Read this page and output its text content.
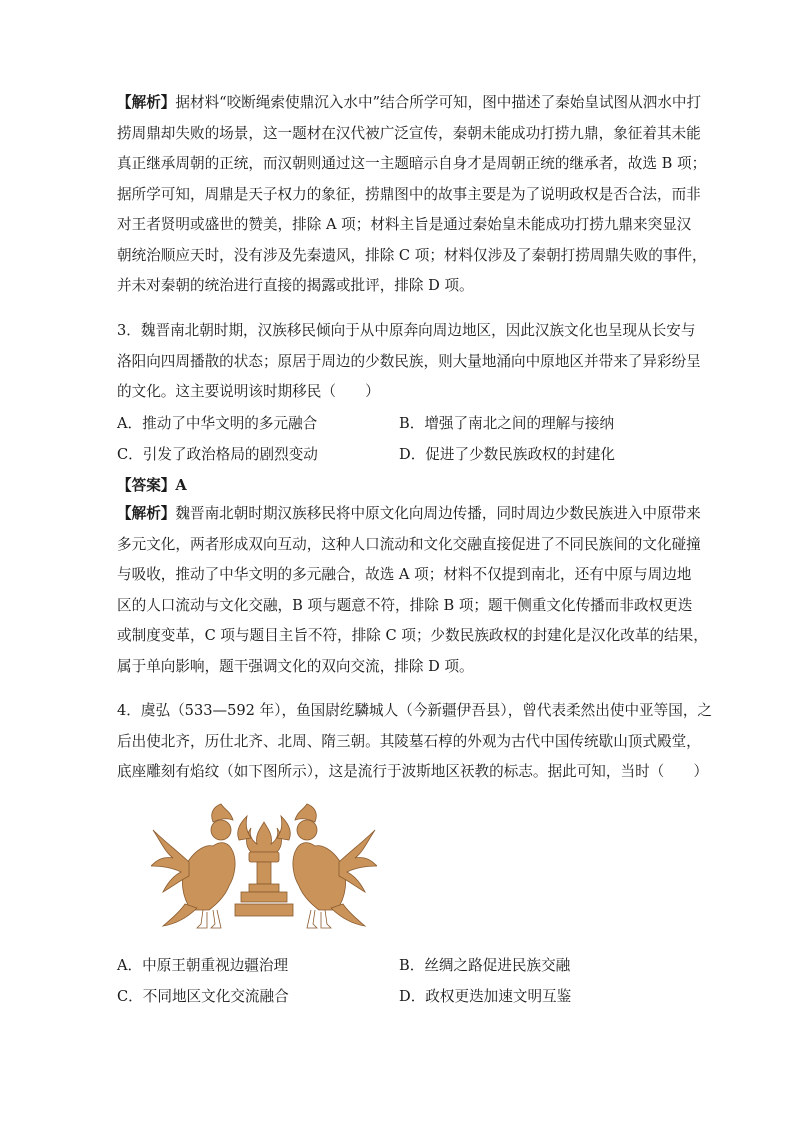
【解析】据材料“咬断绳索使鼎沉入水中”结合所学可知，图中描述了秦始皇试图从泗水中打
捞周鼎却失败的场景，这一题材在汉代被广泛宣传，秦朝未能成功打捞九鼎，象征着其未能
真正继承周朝的正统，而汉朝则通过这一主题暗示自身才是周朝正统的继承者，故选 B 项；
据所学可知，周鼎是天子权力的象征，捞鼎图中的故事主要是为了说明政权是否合法，而非
对王者贤明或盛世的赞美，排除 A 项；材料主旨是通过秦始皇未能成功打捞九鼎来突显汉
朝统治顺应天时，没有涉及先秦遗风，排除 C 项；材料仅涉及了秦朝打捞周鼎失败的事件，
并未对秦朝的统治进行直接的揭露或批评，排除 D 项。

3．魏晋南北朝时期，汉族移民倾向于从中原奔向周边地区，因此汉族文化也呈现从长安与
洛阳向四周播散的状态；原居于周边的少数民族，则大量地涌向中原地区并带来了异彩纷呈
的文化。这主要说明该时期移民（　　）

A．推动了中华文明的多元融合	B．增强了南北之间的理解与接纳
C．引发了政治格局的剧烈变动	D．促进了少数民族政权的封建化
【答案】A

【解析】魏晋南北朝时期汉族移民将中原文化向周边传播，同时周边少数民族进入中原带来
多元文化，两者形成双向互动，这种人口流动和文化交融直接促进了不同民族间的文化碰撞
与吸收，推动了中华文明的多元融合，故选 A 项；材料不仅提到南北，还有中原与周边地
区的人口流动与文化交融，B 项与题意不符，排除 B 项；题干侧重文化传播而非政权更迭
或制度变革，C 项与题目主旨不符，排除 C 项；少数民族政权的封建化是汉化改革的结果，
属于单向影响，题干强调文化的双向交流，排除 D 项。

4．虞弘（533—592 年），鱼国尉纥驎城人（今新疆伊吾县），曾代表柔然出使中亚等国，之
后出使北齐，历仕北齐、北周、隋三朝。其陵墓石椁的外观为古代中国传统歇山顶式殿堂，
底座雕刻有焰纹（如下图所示），这是流行于波斯地区祆教的标志。据此可知，当时（　　）

A．中原王朝重视边疆治理	B．丝绸之路促进民族交融
C．不同地区文化交流融合	D．政权更迭加速文明互鉴
